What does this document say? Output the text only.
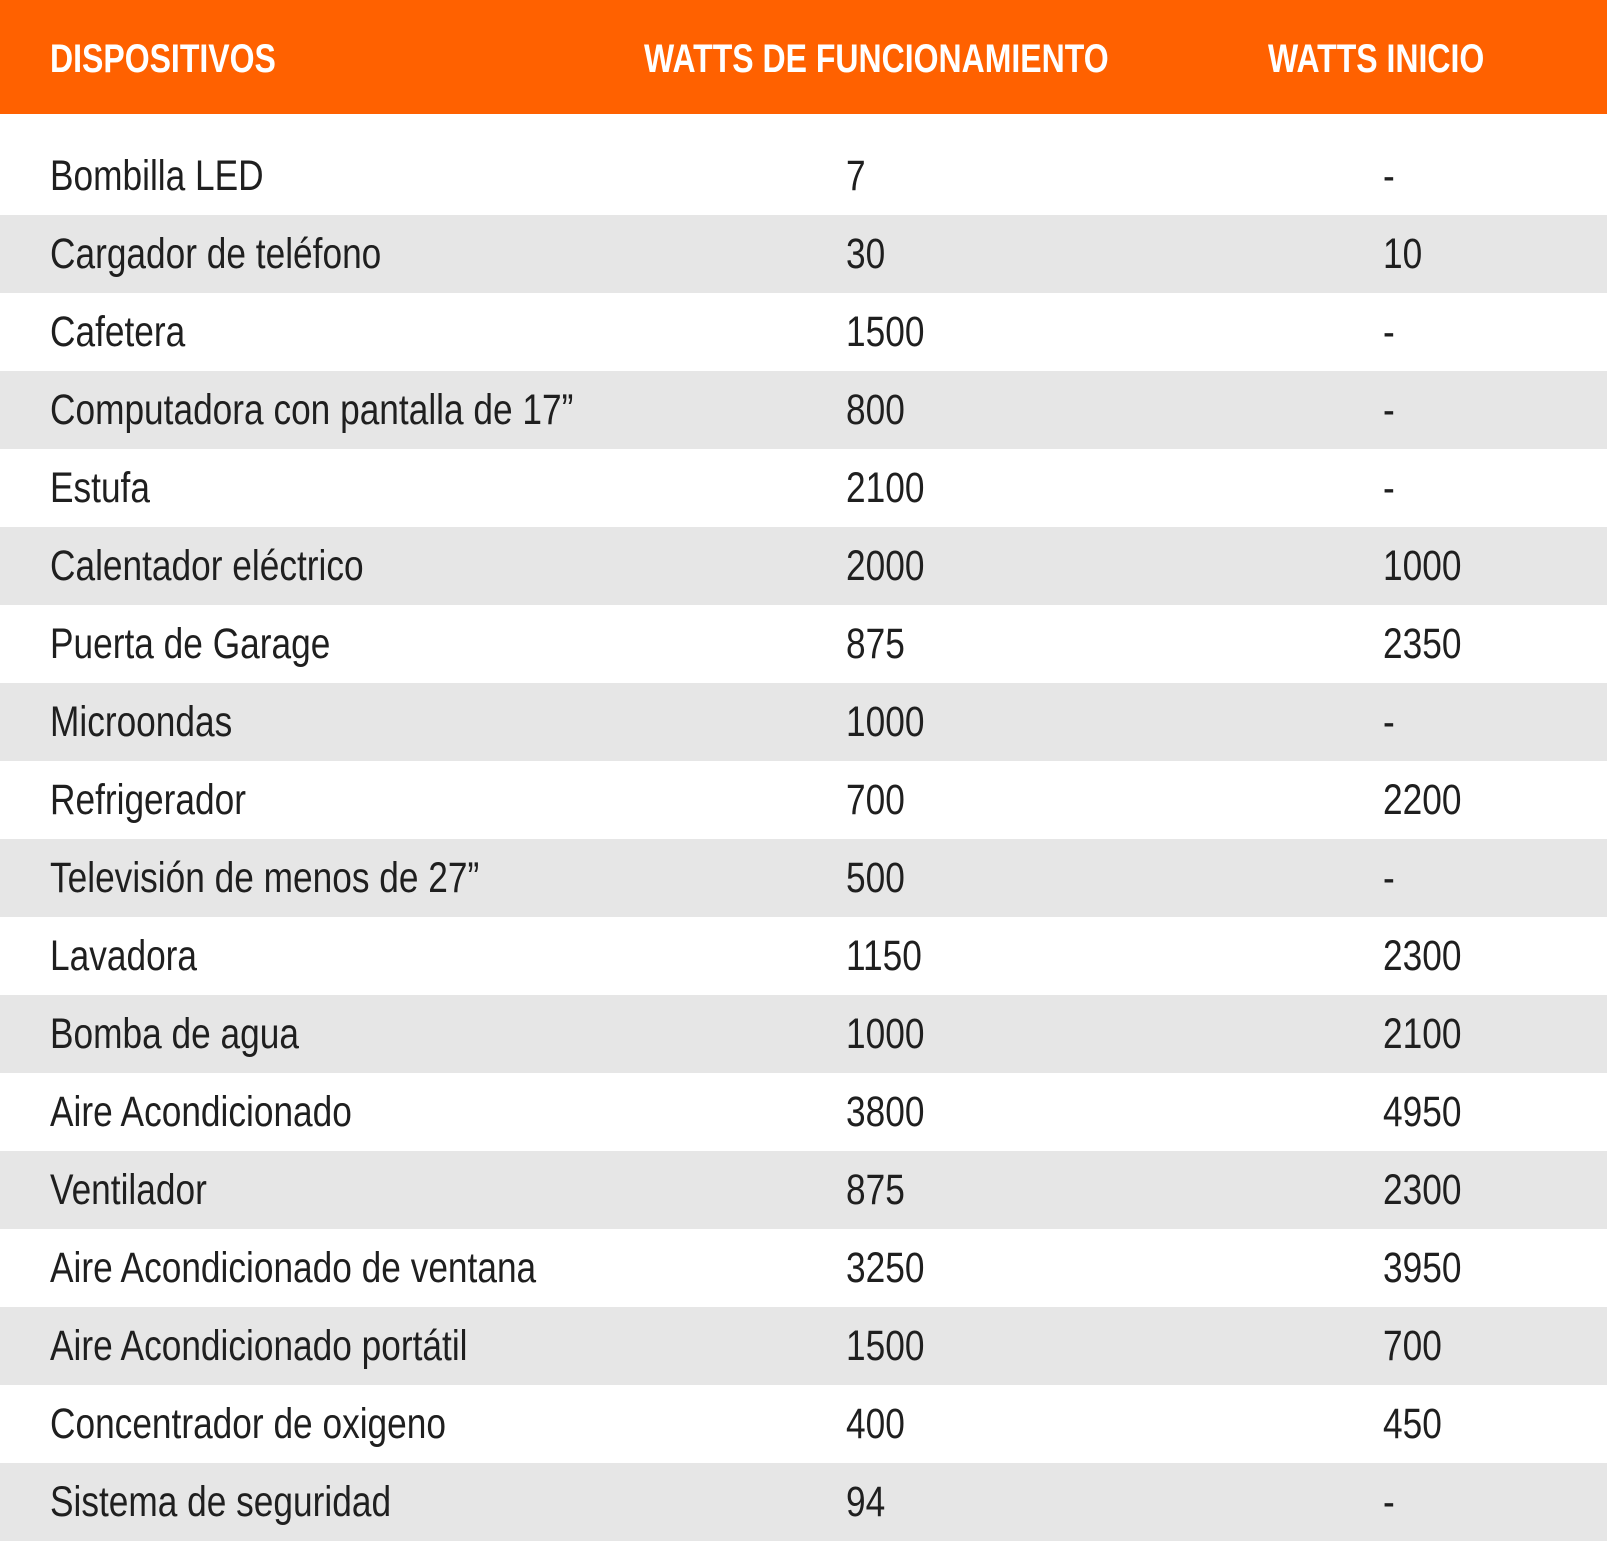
DISPOSITIVOS	WATTS DE FUNCIONAMIENTO	WATTS INICIO
Bombilla LED	7	-
Cargador de teléfono	30	10
Cafetera	1500	-
Computadora con pantalla de 17”	800	-
Estufa	2100	-
Calentador eléctrico	2000	1000
Puerta de Garage	875	2350
Microondas	1000	-
Refrigerador	700	2200
Televisión de menos de 27”	500	-
Lavadora	1150	2300
Bomba de agua	1000	2100
Aire Acondicionado	3800	4950
Ventilador	875	2300
Aire Acondicionado de ventana	3250	3950
Aire Acondicionado portátil	1500	700
Concentrador de oxigeno	400	450
Sistema de seguridad	94	-
